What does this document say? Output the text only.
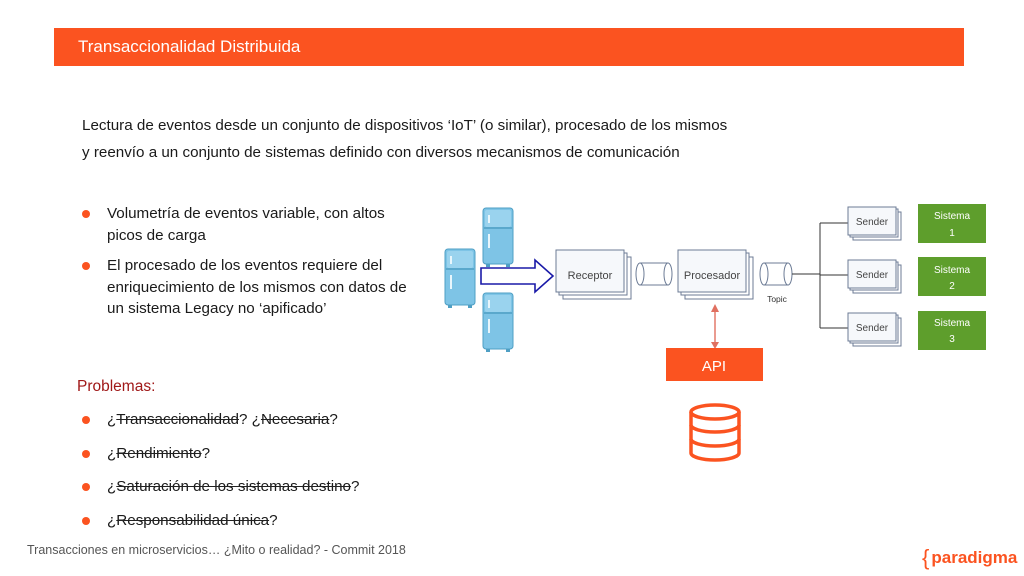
Transaccionalidad Distribuida
Lectura de eventos desde un conjunto de dispositivos ‘IoT’ (o similar), procesado de los mismos
y reenvío a un conjunto de sistemas definido con diversos mecanismos de comunicación
Volumetría de eventos variable, con altos picos de carga
El procesado de los eventos requiere del enriquecimiento de los mismos con datos de un sistema Legacy no ‘apificado’
Problemas:
¿Transaccionalidad? ¿Necesaria?
¿Rendimiento?
¿Saturación de los sistemas destino?
¿Responsabilidad única?
Receptor	Procesador
Topic
Sender
Sender
Sender
Sistema
1
Sistema
2
Sistema
3
API
Transacciones en microservicios… ¿Mito o realidad? - Commit 2018	{ paradigma
